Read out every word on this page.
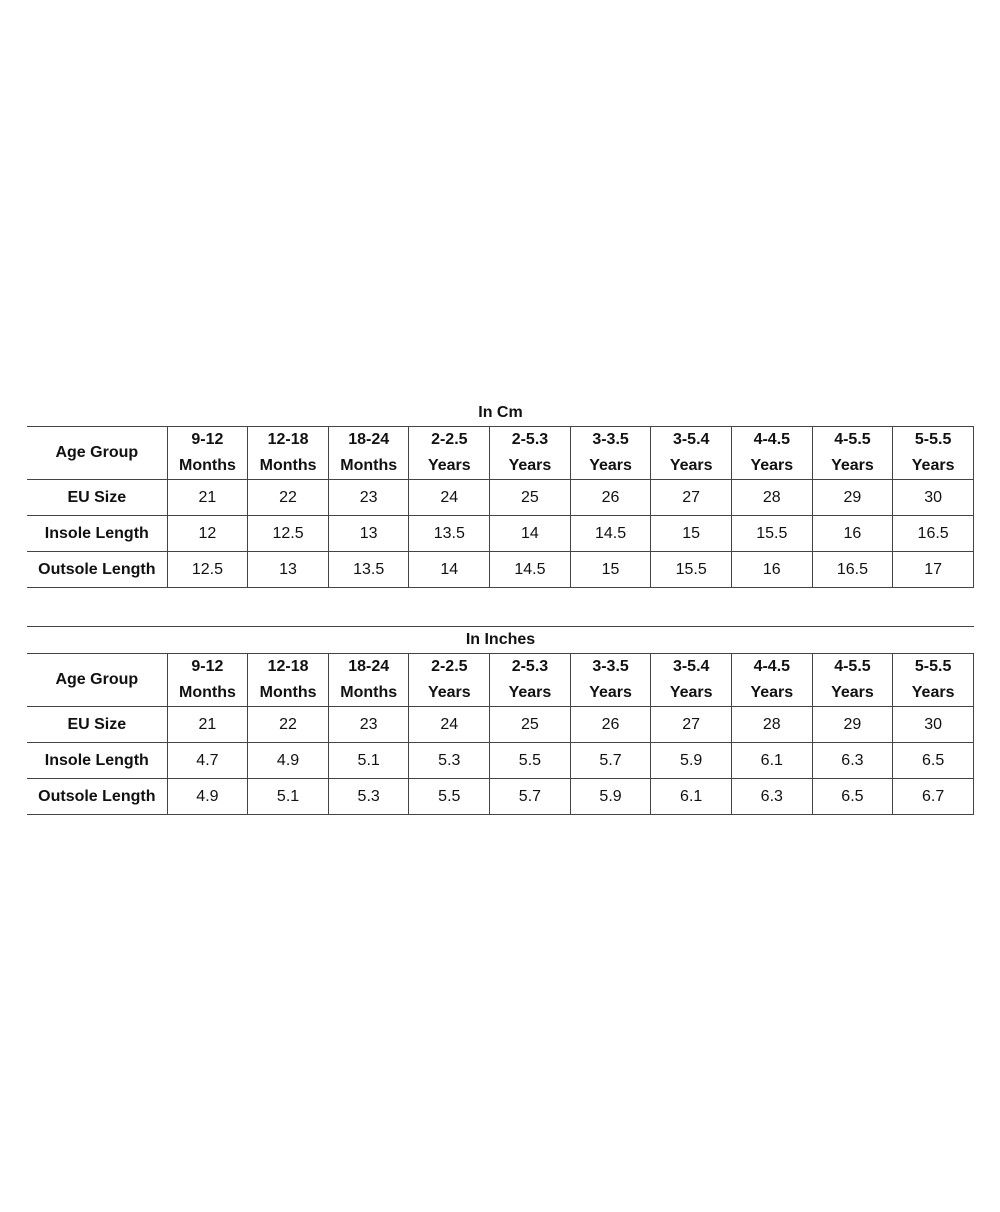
In Cm
Age Group	9-12	12-18	18-24	2-2.5	2-5.3	3-3.5	3-5.4	4-4.5	4-5.5	5-5.5
	Months	Months	Months	Years	Years	Years	Years	Years	Years	Years
EU Size	21	22	23	24	25	26	27	28	29	30
Insole Length	12	12.5	13	13.5	14	14.5	15	15.5	16	16.5
Outsole Length	12.5	13	13.5	14	14.5	15	15.5	16	16.5	17
In Inches
Age Group	9-12	12-18	18-24	2-2.5	2-5.3	3-3.5	3-5.4	4-4.5	4-5.5	5-5.5
	Months	Months	Months	Years	Years	Years	Years	Years	Years	Years
EU Size	21	22	23	24	25	26	27	28	29	30
Insole Length	4.7	4.9	5.1	5.3	5.5	5.7	5.9	6.1	6.3	6.5
Outsole Length	4.9	5.1	5.3	5.5	5.7	5.9	6.1	6.3	6.5	6.7
